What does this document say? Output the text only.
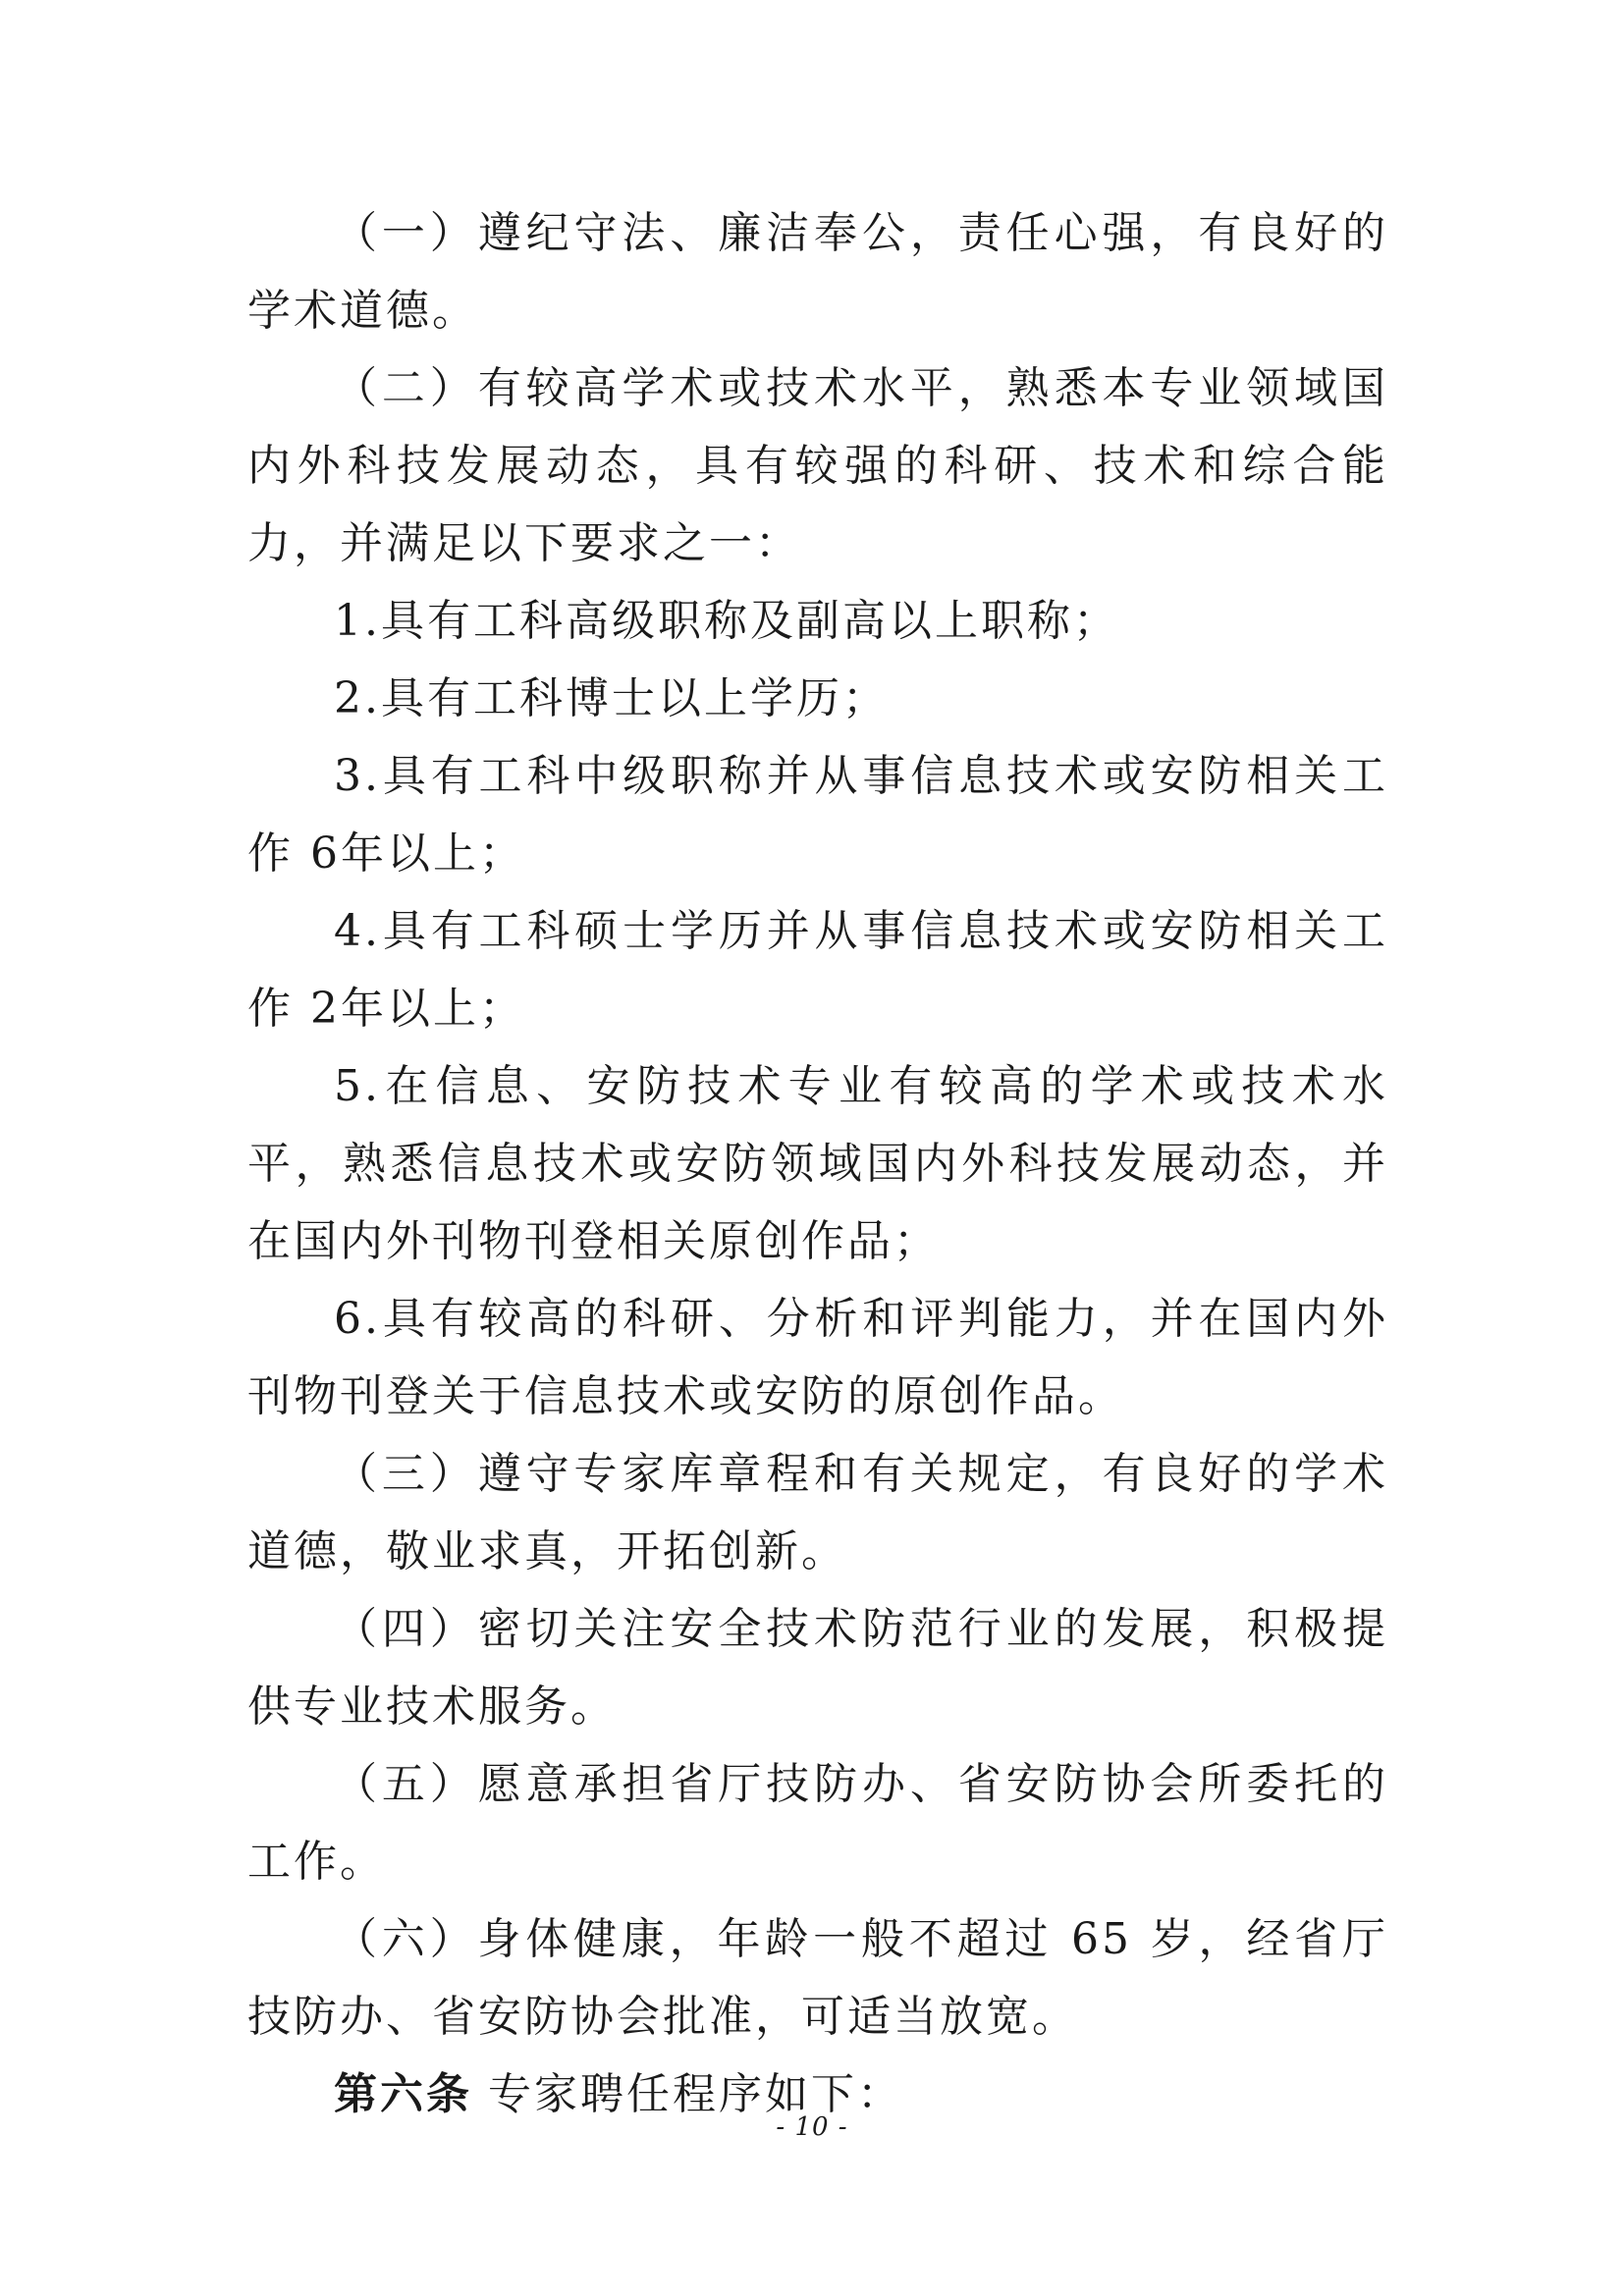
（一）遵纪守法、廉洁奉公，责任心强，有良好的学术道德。

（二）有较高学术或技术水平，熟悉本专业领域国内外科技发展动态，具有较强的科研、技术和综合能力，并满足以下要求之一：

1.具有工科高级职称及副高以上职称；

2.具有工科博士以上学历；

3.具有工科中级职称并从事信息技术或安防相关工作 6年以上；

4.具有工科硕士学历并从事信息技术或安防相关工作 2年以上；

5.在信息、安防技术专业有较高的学术或技术水平，熟悉信息技术或安防领域国内外科技发展动态，并在国内外刊物刊登相关原创作品；

6.具有较高的科研、分析和评判能力，并在国内外刊物刊登关于信息技术或安防的原创作品。

（三）遵守专家库章程和有关规定，有良好的学术道德，敬业求真，开拓创新。

（四）密切关注安全技术防范行业的发展，积极提供专业技术服务。

（五）愿意承担省厅技防办、省安防协会所委托的工作。

（六）身体健康，年龄一般不超过 65 岁，经省厅技防办、省安防协会批准，可适当放宽。

第六条 专家聘任程序如下：

- 10 -
